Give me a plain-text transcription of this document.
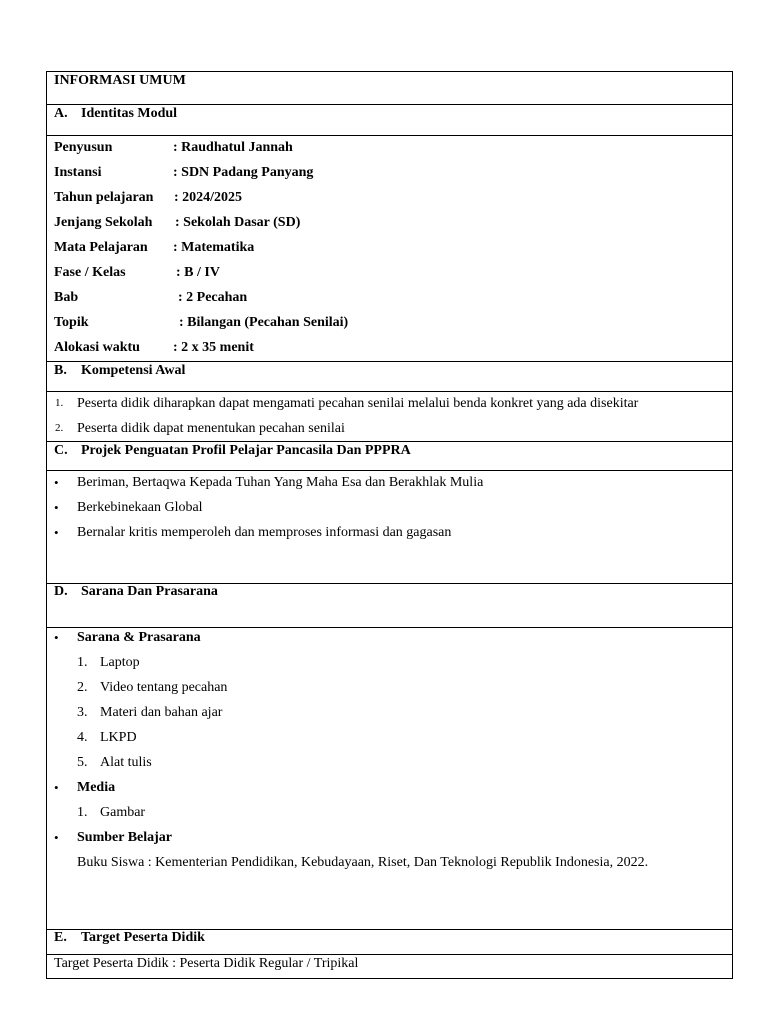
INFORMASI UMUM
A. Identitas Modul
Penyusun	: Raudhatul Jannah
Instansi	: SDN Padang Panyang
Tahun pelajaran : 2024/2025
Jenjang Sekolah : Sekolah Dasar (SD)
Mata Pelajaran : Matematika
Fase / Kelas	: B / IV
Bab	: 2 Pecahan
Topik	: Bilangan (Pecahan Senilai)
Alokasi waktu : 2 x 35 menit
B. Kompetensi Awal
1. Peserta didik diharapkan dapat mengamati pecahan senilai melalui benda konkret yang ada disekitar
2. Peserta didik dapat menentukan pecahan senilai
C. Projek Penguatan Profil Pelajar Pancasila Dan PPPRA
• Beriman, Bertaqwa Kepada Tuhan Yang Maha Esa dan Berakhlak Mulia
• Berkebinekaan Global
• Bernalar kritis memperoleh dan memproses informasi dan gagasan
D. Sarana Dan Prasarana
• Sarana & Prasarana
1. Laptop
2. Video tentang pecahan
3. Materi dan bahan ajar
4. LKPD
5. Alat tulis
• Media
1. Gambar
• Sumber Belajar
Buku Siswa : Kementerian Pendidikan, Kebudayaan, Riset, Dan Teknologi Republik Indonesia, 2022.
E. Target Peserta Didik
Target Peserta Didik : Peserta Didik Regular / Tripikal
